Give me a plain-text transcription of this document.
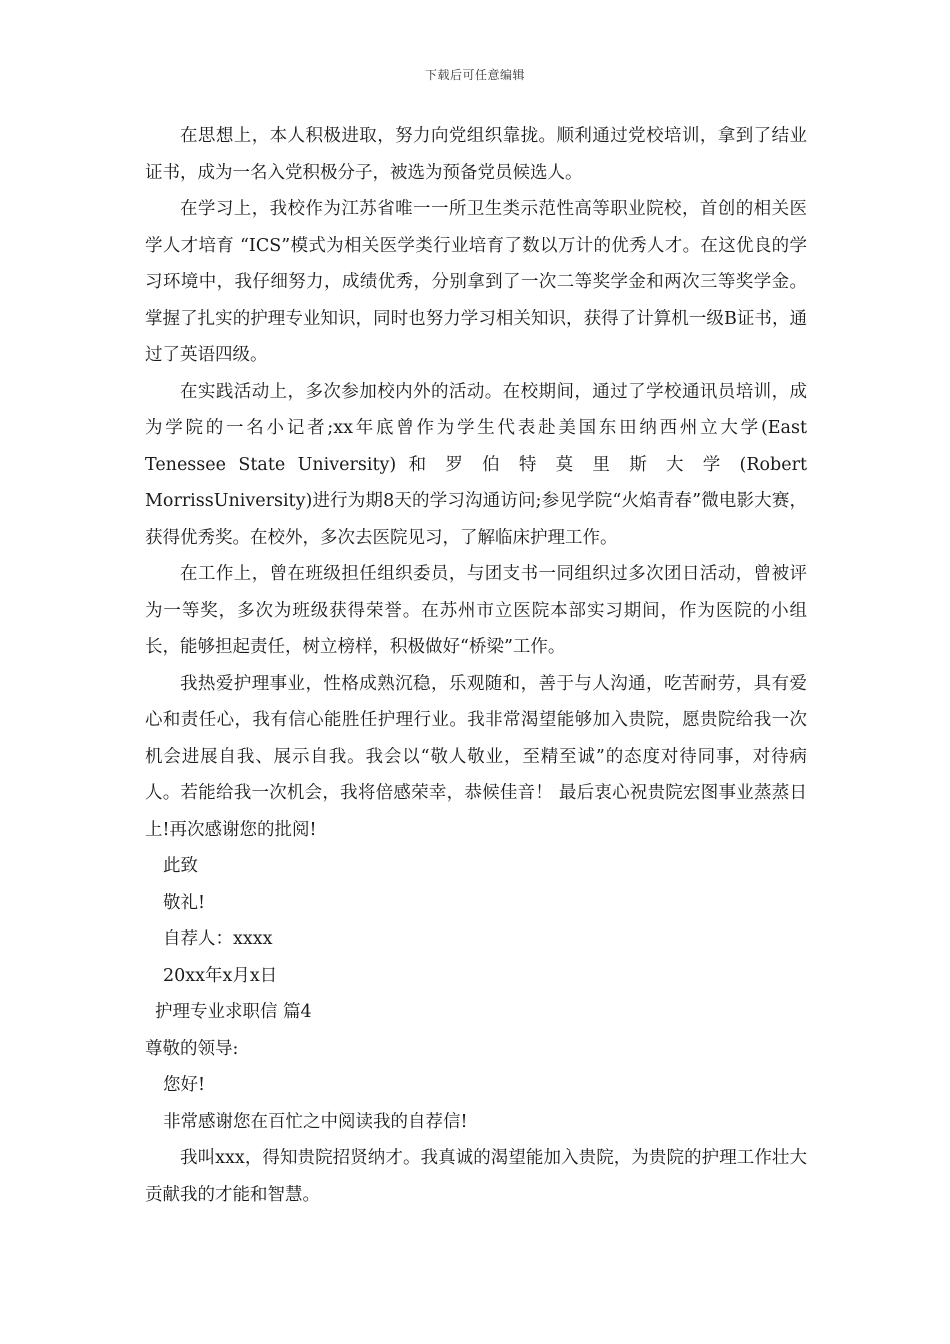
下载后可任意编辑

在思想上，本人积极进取，努力向党组织靠拢。顺利通过党校培训，拿到了结业证书，成为一名入党积极分子，被选为预备党员候选人。

在学习上，我校作为江苏省唯一一所卫生类示范性高等职业院校，首创的相关医学人才培育 “ICS”模式为相关医学类行业培育了数以万计的优秀人才。在这优良的学习环境中，我仔细努力，成绩优秀，分别拿到了一次二等奖学金和两次三等奖学金。掌握了扎实的护理专业知识，同时也努力学习相关知识，获得了计算机一级B证书，通过了英语四级。

在实践活动上，多次参加校内外的活动。在校期间，通过了学校通讯员培训，成为学院的一名小记者;xx年底曾作为学生代表赴美国东田纳西州立大学(East Tenessee State University) 和 罗 伯 特 莫 里 斯 大 学 (Robert MorrissUniversity)进行为期8天的学习沟通访问;参见学院“火焰青春”微电影大赛，获得优秀奖。在校外，多次去医院见习，了解临床护理工作。

在工作上，曾在班级担任组织委员，与团支书一同组织过多次团日活动，曾被评为一等奖，多次为班级获得荣誉。在苏州市立医院本部实习期间，作为医院的小组长，能够担起责任，树立榜样，积极做好“桥梁”工作。

我热爱护理事业，性格成熟沉稳，乐观随和，善于与人沟通，吃苦耐劳，具有爱心和责任心，我有信心能胜任护理行业。我非常渴望能够加入贵院，愿贵院给我一次机会进展自我、展示自我。我会以“敬人敬业，至精至诚”的态度对待同事，对待病人。若能给我一次机会，我将倍感荣幸，恭候佳音！ 最后衷心祝贵院宏图事业蒸蒸日上!再次感谢您的批阅!

此致

敬礼!

自荐人：xxxx

20xx年x月x日

护理专业求职信 篇4

尊敬的领导:

您好!

非常感谢您在百忙之中阅读我的自荐信!

我叫xxx，得知贵院招贤纳才。我真诚的渴望能加入贵院，为贵院的护理工作壮大贡献我的才能和智慧。
